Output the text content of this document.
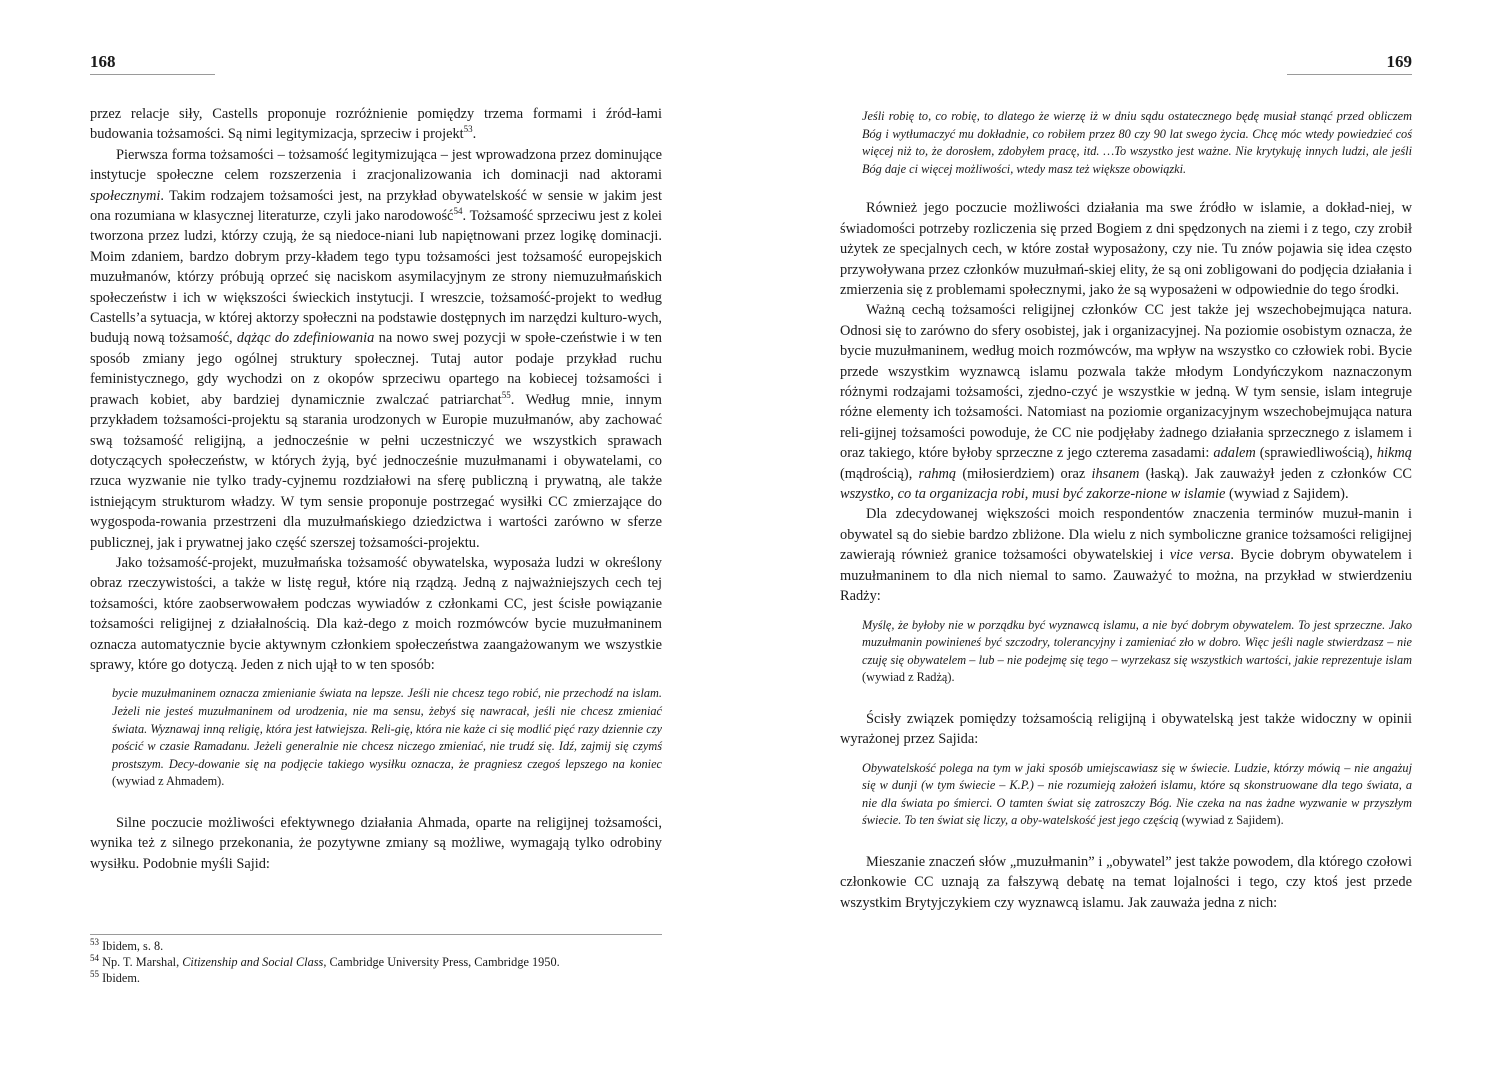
168

przez relacje siły, Castells proponuje rozróżnienie pomiędzy trzema formami i źród-łami budowania tożsamości. Są nimi legitymizacja, sprzeciw i projekt$^{53}$.

Pierwsza forma tożsamości – tożsamość legitymizująca – jest wprowadzona przez dominujące instytucje społeczne celem rozszerzenia i zracjonalizowania ich dominacji nad aktorami społecznymi. Takim rodzajem tożsamości jest, na przykład obywatelskość w sensie w jakim jest ona rozumiana w klasycznej literaturze, czyli jako narodowość$^{54}$. Tożsamość sprzeciwu jest z kolei tworzona przez ludzi, którzy czują, że są niedoce-niani lub napiętnowani przez logikę dominacji. Moim zdaniem, bardzo dobrym przy-kładem tego typu tożsamości jest tożsamość europejskich muzułmanów, którzy próbują oprzeć się naciskom asymilacyjnym ze strony niemuzułmańskich społeczeństw i ich w większości świeckich instytucji. I wreszcie, tożsamość-projekt to według Castells’a sytuacja, w której aktorzy społeczni na podstawie dostępnych im narzędzi kulturo-wych, budują nową tożsamość, dążąc do zdefiniowania na nowo swej pozycji w społe-czeństwie i w ten sposób zmiany jego ogólnej struktury społecznej. Tutaj autor podaje przykład ruchu feministycznego, gdy wychodzi on z okopów sprzeciwu opartego na kobiecej tożsamości i prawach kobiet, aby bardziej dynamicznie zwalczać patriarchat$^{55}$. Według mnie, innym przykładem tożsamości-projektu są starania urodzonych w Europie muzułmanów, aby zachować swą tożsamość religijną, a jednocześnie w pełni uczestniczyć we wszystkich sprawach dotyczących społeczeństw, w których żyją, być jednocześnie muzułmanami i obywatelami, co rzuca wyzwanie nie tylko trady-cyjnemu rozdziałowi na sferę publiczną i prywatną, ale także istniejącym strukturom władzy. W tym sensie proponuje postrzegać wysiłki CC zmierzające do wygospoda-rowania przestrzeni dla muzułmańskiego dziedzictwa i wartości zarówno w sferze publicznej, jak i prywatnej jako część szerszej tożsamości-projektu.

Jako tożsamość-projekt, muzułmańska tożsamość obywatelska, wyposaża ludzi w określony obraz rzeczywistości, a także w listę reguł, które nią rządzą. Jedną z najważniejszych cech tej tożsamości, które zaobserwowałem podczas wywiadów z członkami CC, jest ścisłe powiązanie tożsamości religijnej z działalnością. Dla każ-dego z moich rozmówców bycie muzułmaninem oznacza automatycznie bycie aktywnym członkiem społeczeństwa zaangażowanym we wszystkie sprawy, które go dotyczą. Jeden z nich ujął to w ten sposób:

bycie muzułmaninem oznacza zmienianie świata na lepsze. Jeśli nie chcesz tego robić, nie przechodź na islam. Jeżeli nie jesteś muzułmaninem od urodzenia, nie ma sensu, żebyś się nawracał, jeśli nie chcesz zmieniać świata. Wyznawaj inną religię, która jest łatwiejsza. Reli-gię, która nie każe ci się modlić pięć razy dziennie czy pościć w czasie Ramadanu. Jeżeli generalnie nie chcesz niczego zmieniać, nie trudź się. Idź, zajmij się czymś prostszym. Decy-dowanie się na podjęcie takiego wysiłku oznacza, że pragniesz czegoś lepszego na koniec (wywiad z Ahmadem).

Silne poczucie możliwości efektywnego działania Ahmada, oparte na religijnej tożsamości, wynika też z silnego przekonania, że pozytywne zmiany są możliwe, wymagają tylko odrobiny wysiłku. Podobnie myśli Sajid:

$^{53}$ Ibidem, s. 8.
$^{54}$ Np. T. Marshal, Citizenship and Social Class, Cambridge University Press, Cambridge 1950.
$^{55}$ Ibidem.
169
Jeśli robię to, co robię, to dlatego że wierzę iż w dniu sądu ostatecznego będę musiał stanąć przed obliczem Bóg i wytłumaczyć mu dokładnie, co robiłem przez 80 czy 90 lat swego życia. Chcę móc wtedy powiedzieć coś więcej niż to, że dorosłem, zdobyłem pracę, itd. …To wszystko jest ważne. Nie krytykuję innych ludzi, ale jeśli Bóg daje ci więcej możliwości, wtedy masz też większe obowiązki.

Również jego poczucie możliwości działania ma swe źródło w islamie, a dokład-niej, w świadomości potrzeby rozliczenia się przed Bogiem z dni spędzonych na ziemi i z tego, czy zrobił użytek ze specjalnych cech, w które został wyposażony, czy nie. Tu znów pojawia się idea często przywoływana przez członków muzułmań-skiej elity, że są oni zobligowani do podjęcia działania i zmierzenia się z problemami społecznymi, jako że są wyposażeni w odpowiednie do tego środki.

Ważną cechą tożsamości religijnej członków CC jest także jej wszechobejmująca natura. Odnosi się to zarówno do sfery osobistej, jak i organizacyjnej. Na poziomie osobistym oznacza, że bycie muzułmaninem, według moich rozmówców, ma wpływ na wszystko co człowiek robi. Bycie przede wszystkim wyznawcą islamu pozwala także młodym Londyńczykom naznaczonym różnymi rodzajami tożsamości, zjedno-czyć je wszystkie w jedną. W tym sensie, islam integruje różne elementy ich tożsamości. Natomiast na poziomie organizacyjnym wszechobejmująca natura reli-gijnej tożsamości powoduje, że CC nie podjęłaby żadnego działania sprzecznego z islamem i oraz takiego, które byłoby sprzeczne z jego czterema zasadami: adalem (sprawiedliwością), hikmą (mądrością), rahmą (miłosierdziem) oraz ihsanem (łaską). Jak zauważył jeden z członków CC wszystko, co ta organizacja robi, musi być zakorze-nione w islamie (wywiad z Sajidem).

Dla zdecydowanej większości moich respondentów znaczenia terminów muzuł-manin i obywatel są do siebie bardzo zbliżone. Dla wielu z nich symboliczne granice tożsamości religijnej zawierają również granice tożsamości obywatelskiej i vice versa. Bycie dobrym obywatelem i muzułmaninem to dla nich niemal to samo. Zauważyć to można, na przykład w stwierdzeniu Radży:

Myślę, że byłoby nie w porządku być wyznawcą islamu, a nie być dobrym obywatelem. To jest sprzeczne. Jako muzułmanin powinieneś być szczodry, tolerancyjny i zamieniać zło w dobro. Więc jeśli nagle stwierdzasz – nie czuję się obywatelem – lub – nie podejmę się tego – wyrzekasz się wszystkich wartości, jakie reprezentuje islam (wywiad z Radżą).

Ścisły związek pomiędzy tożsamością religijną i obywatelską jest także widoczny w opinii wyrażonej przez Sajida:

Obywatelskość polega na tym w jaki sposób umiejscawiasz się w świecie. Ludzie, którzy mówią – nie angażuj się w dunji (w tym świecie – K.P.) – nie rozumieją założeń islamu, które są skonstruowane dla tego świata, a nie dla świata po śmierci. O tamten świat się zatroszczy Bóg. Nie czeka na nas żadne wyzwanie w przyszłym świecie. To ten świat się liczy, a oby-watelskość jest jego częścią (wywiad z Sajidem).

Mieszanie znaczeń słów „muzułmanin” i „obywatel” jest także powodem, dla którego czołowi członkowie CC uznają za fałszywą debatę na temat lojalności i tego, czy ktoś jest przede wszystkim Brytyjczykiem czy wyznawcą islamu. Jak zauważa jedna z nich:
